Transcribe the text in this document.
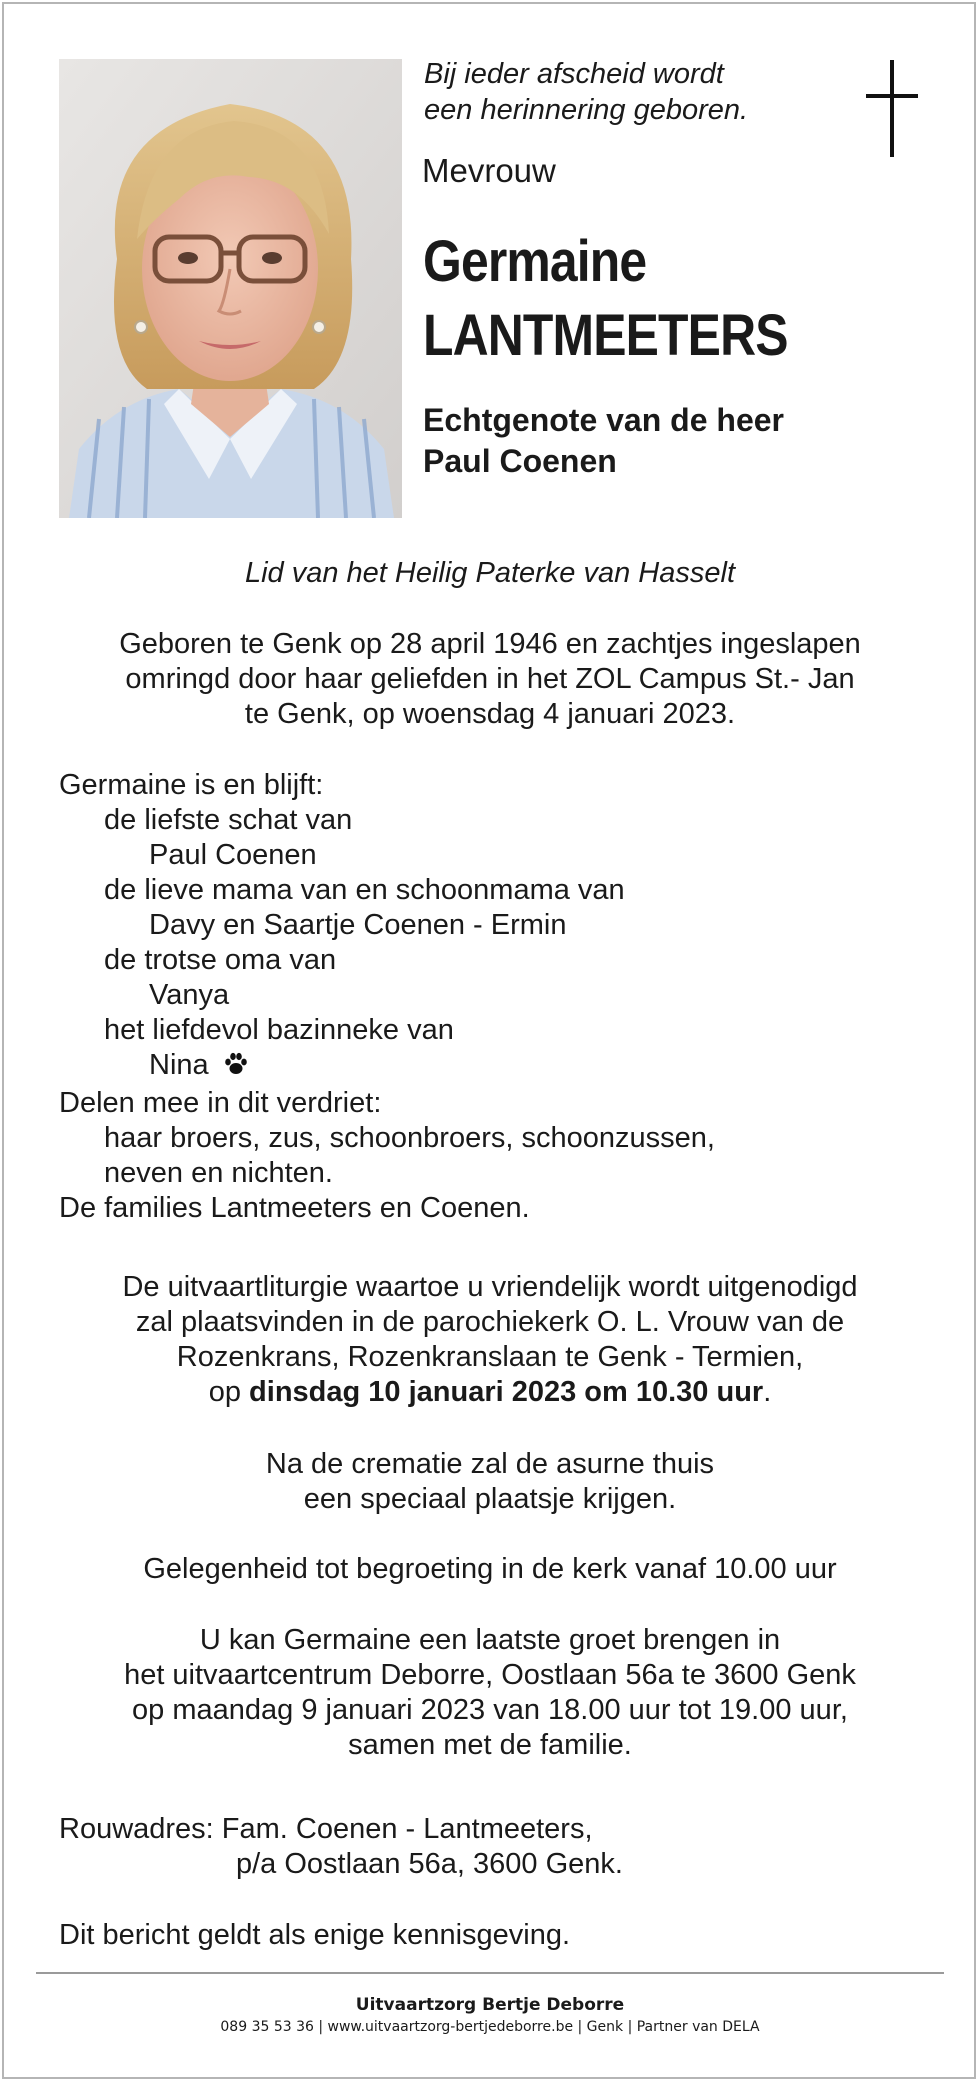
Bij ieder afscheid wordt
een herinnering geboren.
Mevrouw
Germaine
LANTMEETERS
Echtgenote van de heer
Paul Coenen
Lid van het Heilig Paterke van Hasselt
Geboren te Genk op 28 april 1946 en zachtjes ingeslapen
omringd door haar geliefden in het ZOL Campus St.- Jan
te Genk, op woensdag 4 januari 2023.
Germaine is en blijft:
de liefste schat van
Paul Coenen
de lieve mama van en schoonmama van
Davy en Saartje Coenen - Ermin
de trotse oma van
Vanya
het liefdevol bazinneke van
Nina
Delen mee in dit verdriet:
haar broers, zus, schoonbroers, schoonzussen,
neven en nichten.
De families Lantmeeters en Coenen.
De uitvaartliturgie waartoe u vriendelijk wordt uitgenodigd
zal plaatsvinden in de parochiekerk O. L. Vrouw van de
Rozenkrans, Rozenkranslaan te Genk - Termien,
op dinsdag 10 januari 2023 om 10.30 uur.
Na de crematie zal de asurne thuis
een speciaal plaatsje krijgen.
Gelegenheid tot begroeting in de kerk vanaf 10.00 uur
U kan Germaine een laatste groet brengen in
het uitvaartcentrum Deborre, Oostlaan 56a te 3600 Genk
op maandag 9 januari 2023 van 18.00 uur tot 19.00 uur,
samen met de familie.
Rouwadres: Fam. Coenen - Lantmeeters,
p/a Oostlaan 56a, 3600 Genk.
Dit bericht geldt als enige kennisgeving.
Uitvaartzorg Bertje Deborre
089 35 53 36 | www.uitvaartzorg-bertjedeborre.be | Genk | Partner van DELA
